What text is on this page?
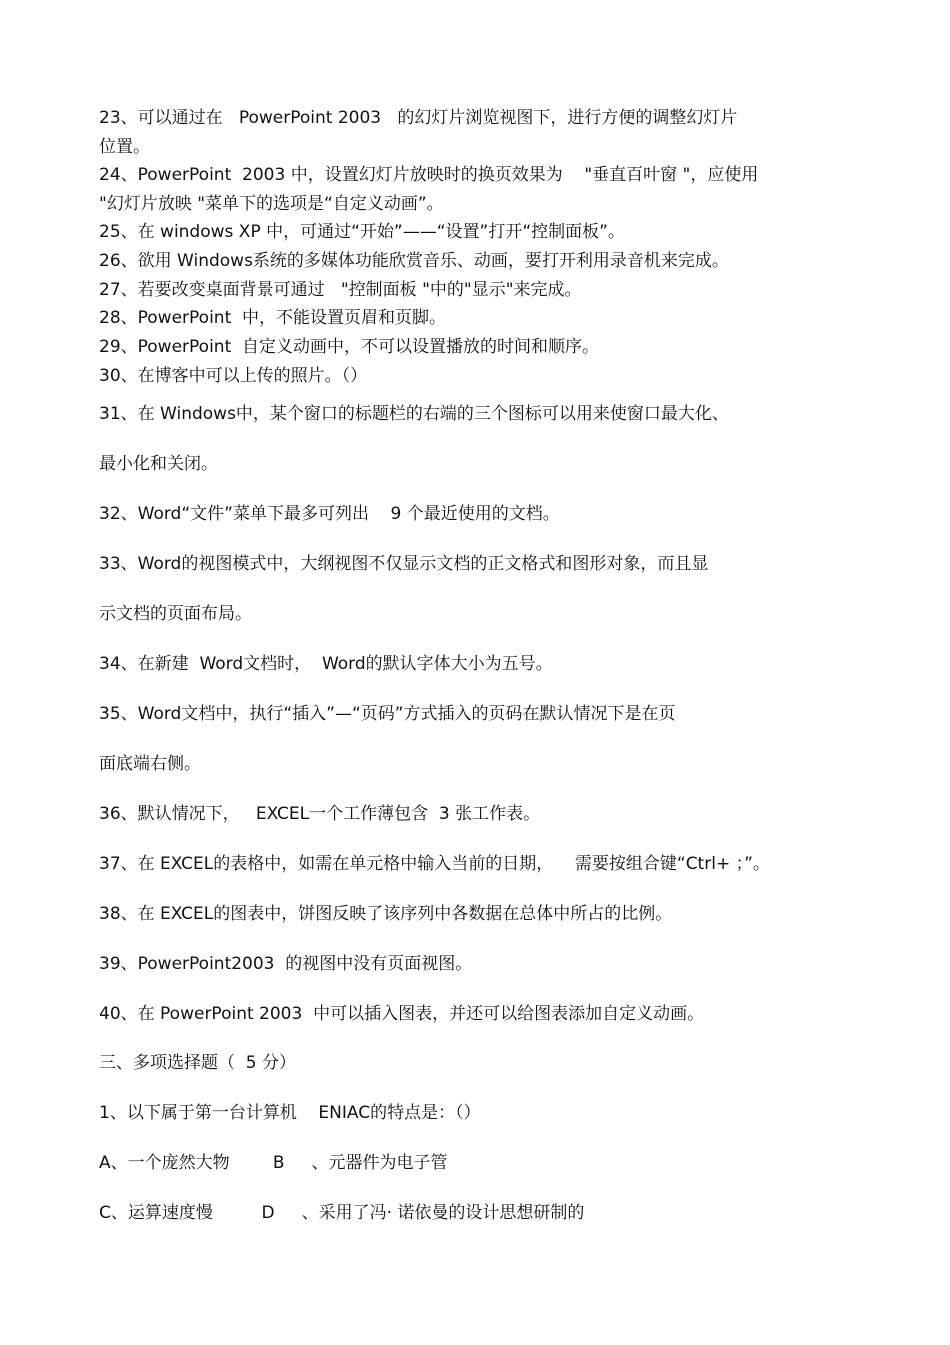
23、可以通过在   PowerPoint 2003   的幻灯片浏览视图下，进行方便的调整幻灯片
位置。
24、PowerPoint  2003 中，设置幻灯片放映时的换页效果为    "垂直百叶窗 "，应使用
"幻灯片放映 "菜单下的选项是“自定义动画”。
25、在 windows XP 中，可通过“开始”——“设置”打开“控制面板”。
26、欲用 Windows系统的多媒体功能欣赏音乐、动画，要打开利用录音机来完成。
27、若要改变桌面背景可通过   "控制面板 "中的"显示"来完成。
28、PowerPoint  中，不能设置页眉和页脚。
29、PowerPoint  自定义动画中，不可以设置播放的时间和顺序。
30、在博客中可以上传的照片。（）
31、在 Windows中，某个窗口的标题栏的右端的三个图标可以用来使窗口最大化、
最小化和关闭。
32、Word“文件”菜单下最多可列出    9 个最近使用的文档。
33、Word的视图模式中，大纲视图不仅显示文档的正文格式和图形对象，而且显
示文档的页面布局。
34、在新建  Word文档时，  Word的默认字体大小为五号。
35、Word文档中，执行“插入”—“页码”方式插入的页码在默认情况下是在页
面底端右侧。
36、默认情况下，   EXCEL一个工作薄包含  3 张工作表。
37、在 EXCEL的表格中，如需在单元格中输入当前的日期，    需要按组合键“Ctrl+ ；”。
38、在 EXCEL的图表中，饼图反映了该序列中各数据在总体中所占的比例。
39、PowerPoint2003  的视图中没有页面视图。
40、在 PowerPoint 2003  中可以插入图表，并还可以给图表添加自定义动画。
三、多项选择题（  5 分）
1、以下属于第一台计算机    ENIAC的特点是：（）
A、一个庞然大物        B     、元器件为电子管
C、运算速度慢         D     、采用了冯· 诺依曼的设计思想研制的
